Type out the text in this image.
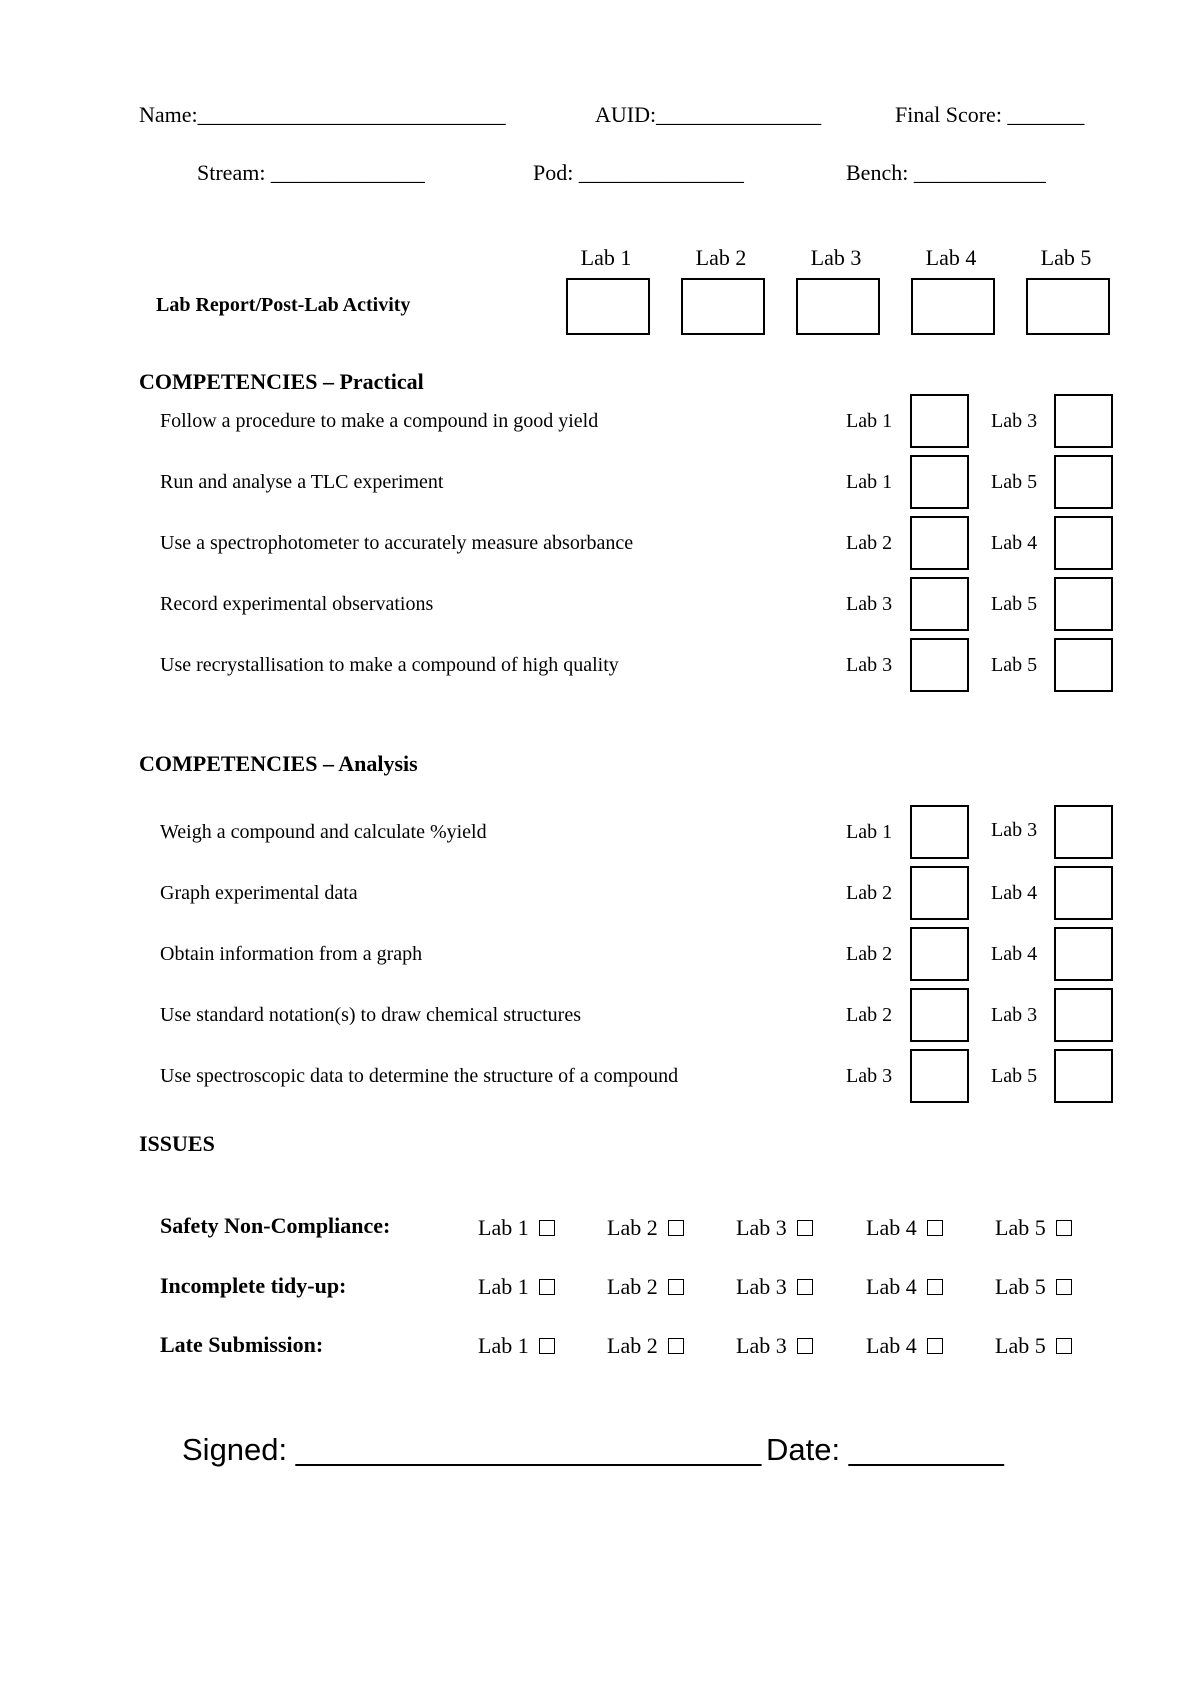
Name:____________________________	AUID:_______________	Final Score: _______
Stream: ______________	Pod: _______________	Bench: ____________
Lab 1	Lab 2	Lab 3	Lab 4	Lab 5
Lab Report/Post-Lab Activity
COMPETENCIES – Practical
Follow a procedure to make a compound in good yield	Lab 1	Lab 3
Run and analyse a TLC experiment	Lab 1	Lab 5
Use a spectrophotometer to accurately measure absorbance	Lab 2	Lab 4
Record experimental observations	Lab 3	Lab 5
Use recrystallisation to make a compound of high quality	Lab 3	Lab 5
COMPETENCIES – Analysis
Weigh a compound and calculate %yield	Lab 1	Lab 3
Graph experimental data	Lab 2	Lab 4
Obtain information from a graph	Lab 2	Lab 4
Use standard notation(s) to draw chemical structures	Lab 2	Lab 3
Use spectroscopic data to determine the structure of a compound	Lab 3	Lab 5
ISSUES
Safety Non-Compliance:	Lab 1	Lab 2	Lab 3	Lab 4	Lab 5
Incomplete tidy-up:	Lab 1	Lab 2	Lab 3	Lab 4	Lab 5
Late Submission:	Lab 1	Lab 2	Lab 3	Lab 4	Lab 5
Signed: ___________________________ Date: _________
